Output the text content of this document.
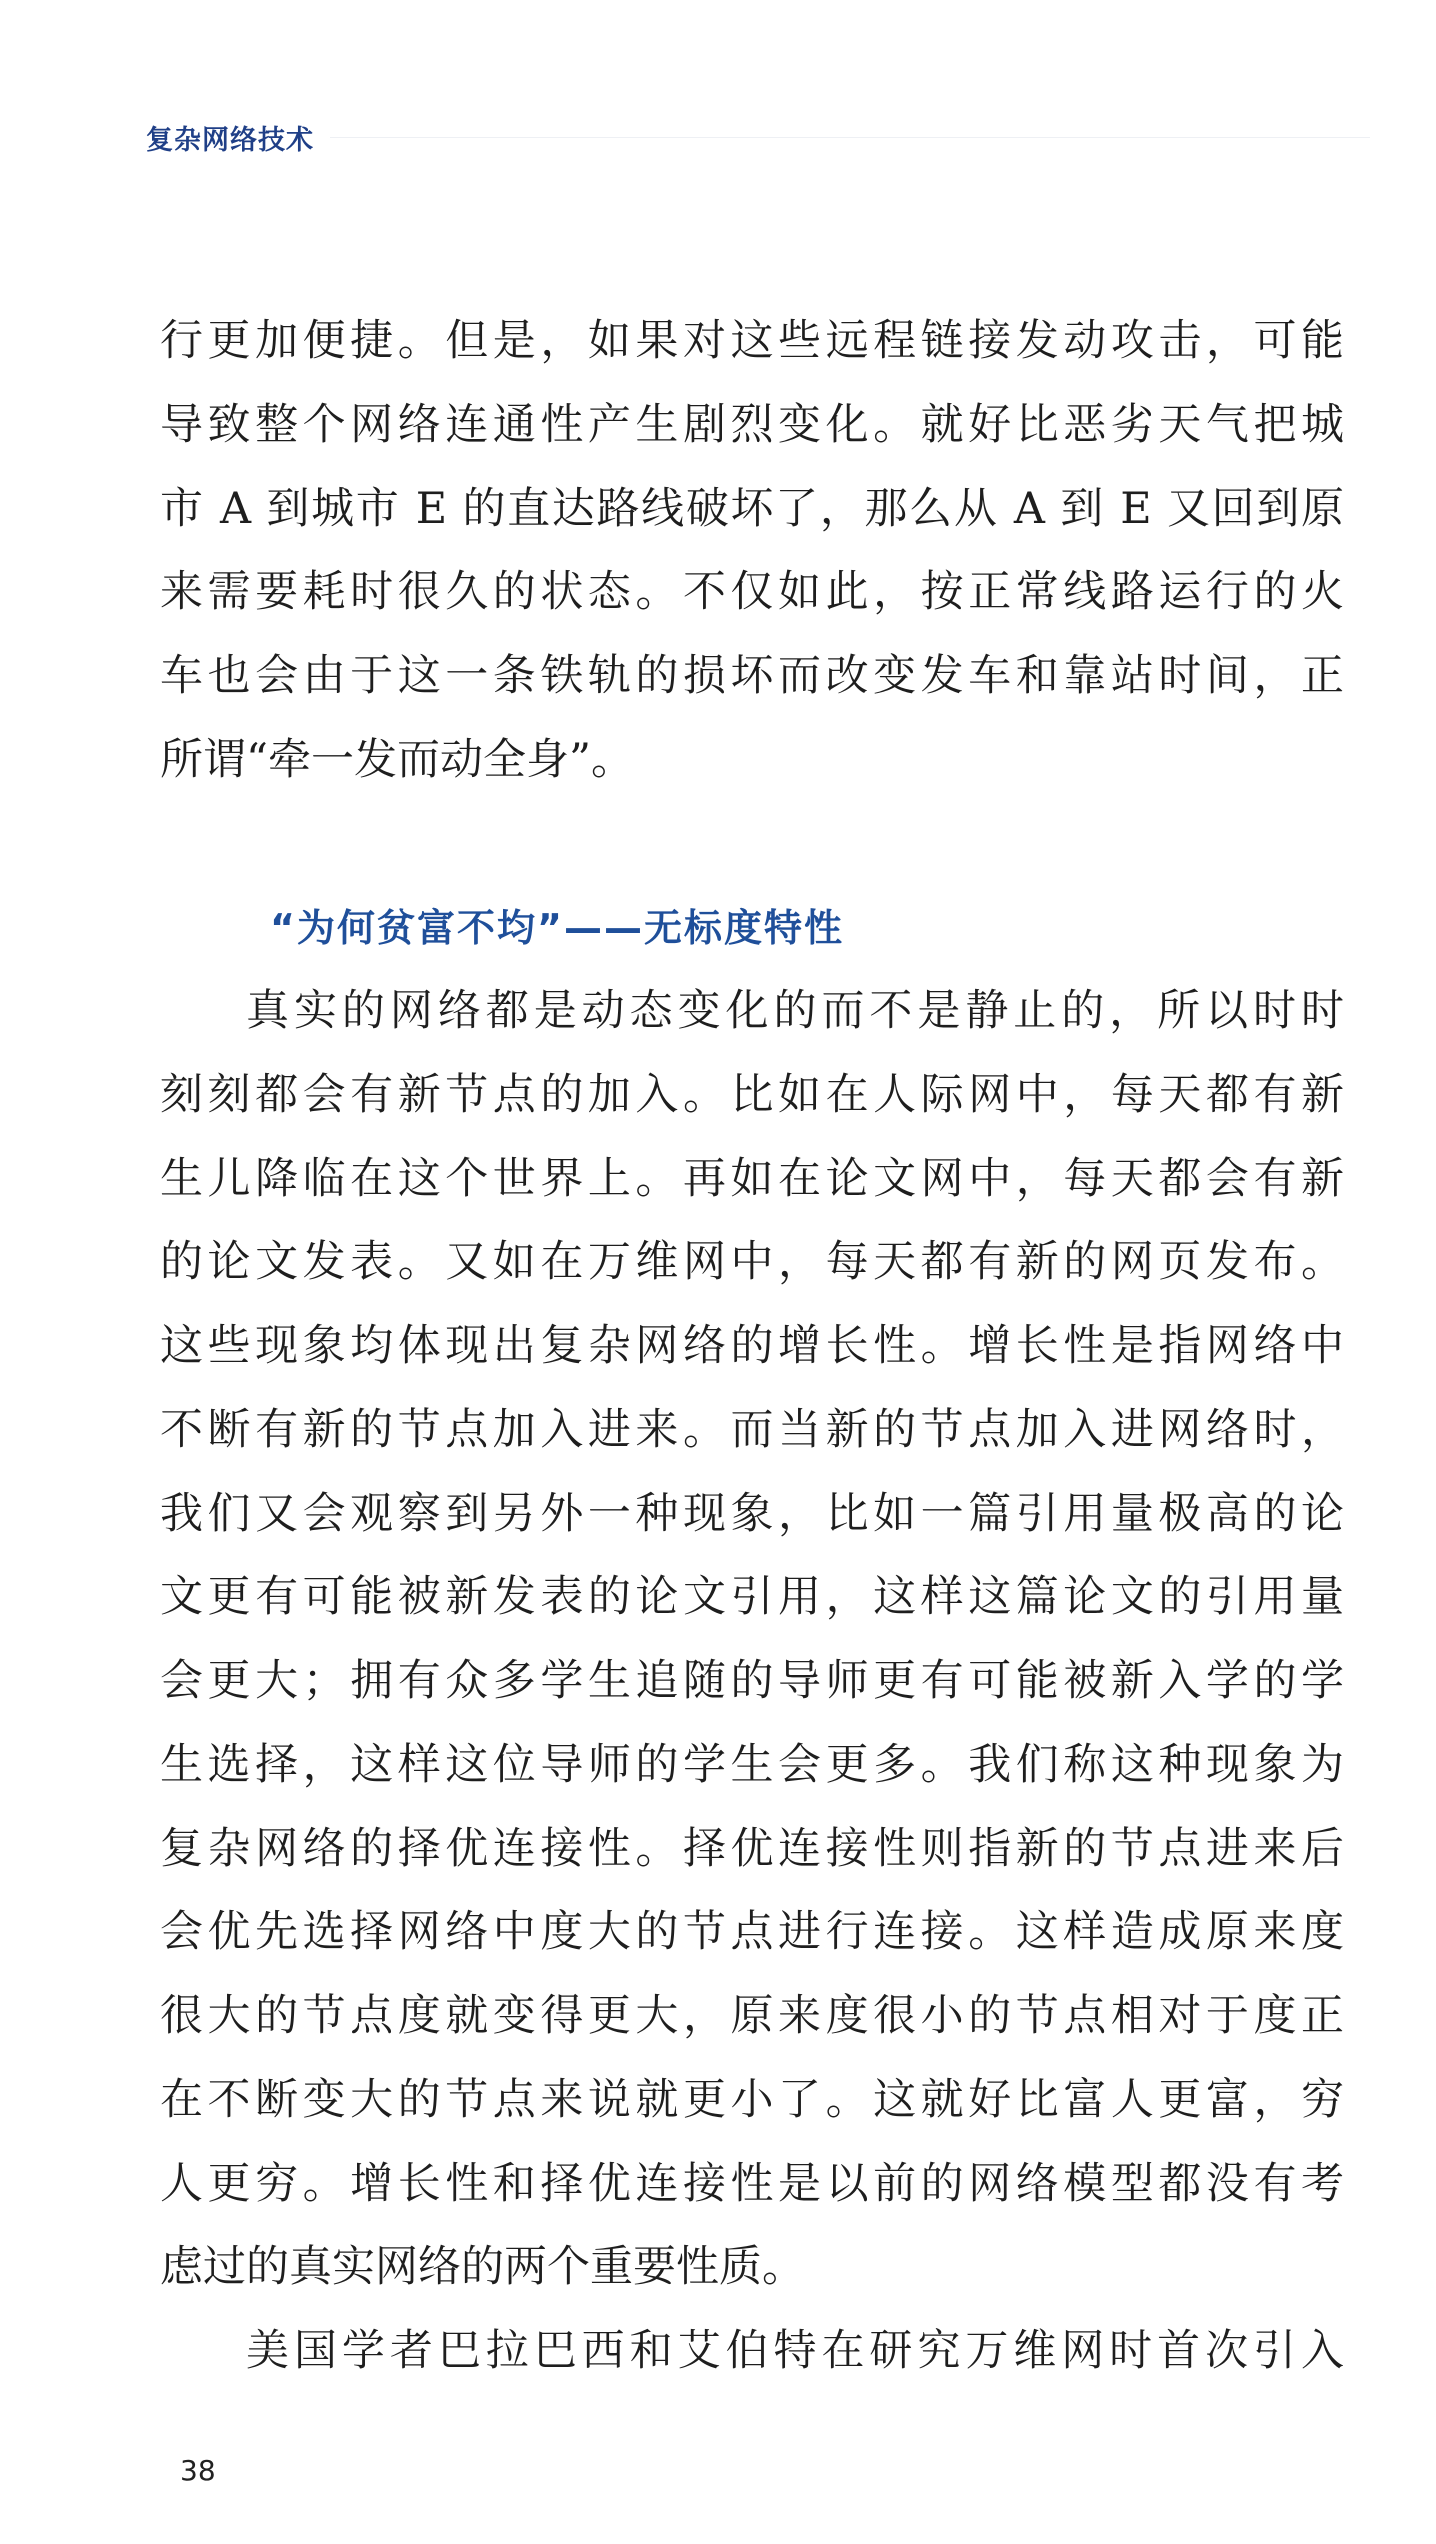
复杂网络技术
行更加便捷。但是，如果对这些远程链接发动攻击，可能
导致整个网络连通性产生剧烈变化。就好比恶劣天气把城
市 A 到城市 E 的直达路线破坏了，那么从 A 到 E 又回到原
来需要耗时很久的状态。不仅如此，按正常线路运行的火
车也会由于这一条铁轨的损坏而改变发车和靠站时间，正
所谓“牵一发而动全身”。
“为何贫富不均”——无标度特性
真实的网络都是动态变化的而不是静止的，所以时时
刻刻都会有新节点的加入。比如在人际网中，每天都有新
生儿降临在这个世界上。再如在论文网中，每天都会有新
的论文发表。又如在万维网中，每天都有新的网页发布。
这些现象均体现出复杂网络的增长性。增长性是指网络中
不断有新的节点加入进来。而当新的节点加入进网络时，
我们又会观察到另外一种现象，比如一篇引用量极高的论
文更有可能被新发表的论文引用，这样这篇论文的引用量
会更大；拥有众多学生追随的导师更有可能被新入学的学
生选择，这样这位导师的学生会更多。我们称这种现象为
复杂网络的择优连接性。择优连接性则指新的节点进来后
会优先选择网络中度大的节点进行连接。这样造成原来度
很大的节点度就变得更大，原来度很小的节点相对于度正
在不断变大的节点来说就更小了。这就好比富人更富，穷
人更穷。增长性和择优连接性是以前的网络模型都没有考
虑过的真实网络的两个重要性质。
美国学者巴拉巴西和艾伯特在研究万维网时首次引入
38
